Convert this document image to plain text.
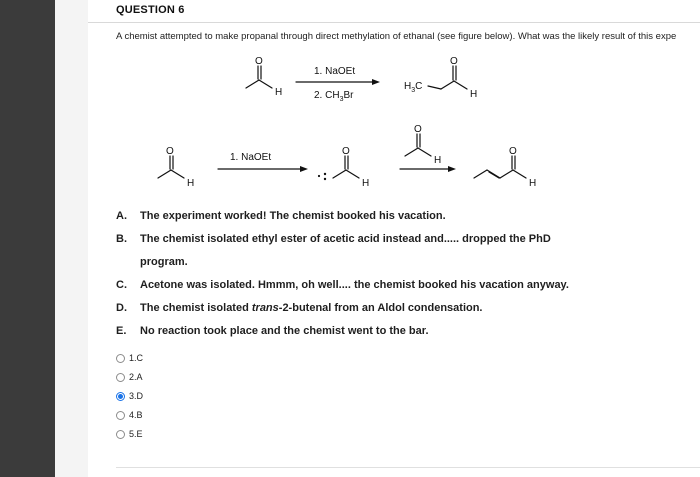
QUESTION 6
A chemist attempted to make propanal through direct methylation of ethanal (see figure below). What was the likely result of this expe
O
H
1. NaOEt
2. $CH_3Br$
$H_3C$
O
H
O
H
1. NaOEt
O
H
O
H
O
H
A. The experiment worked! The chemist booked his vacation.
B. The chemist isolated ethyl ester of acetic acid instead and..... dropped the PhD
program.
C. Acetone was isolated. Hmmm, oh well.... the chemist booked his vacation anyway.
D. The chemist isolated trans-2-butenal from an Aldol condensation.
E. No reaction took place and the chemist went to the bar.
1.C
2.A
3.D
4.B
5.E
